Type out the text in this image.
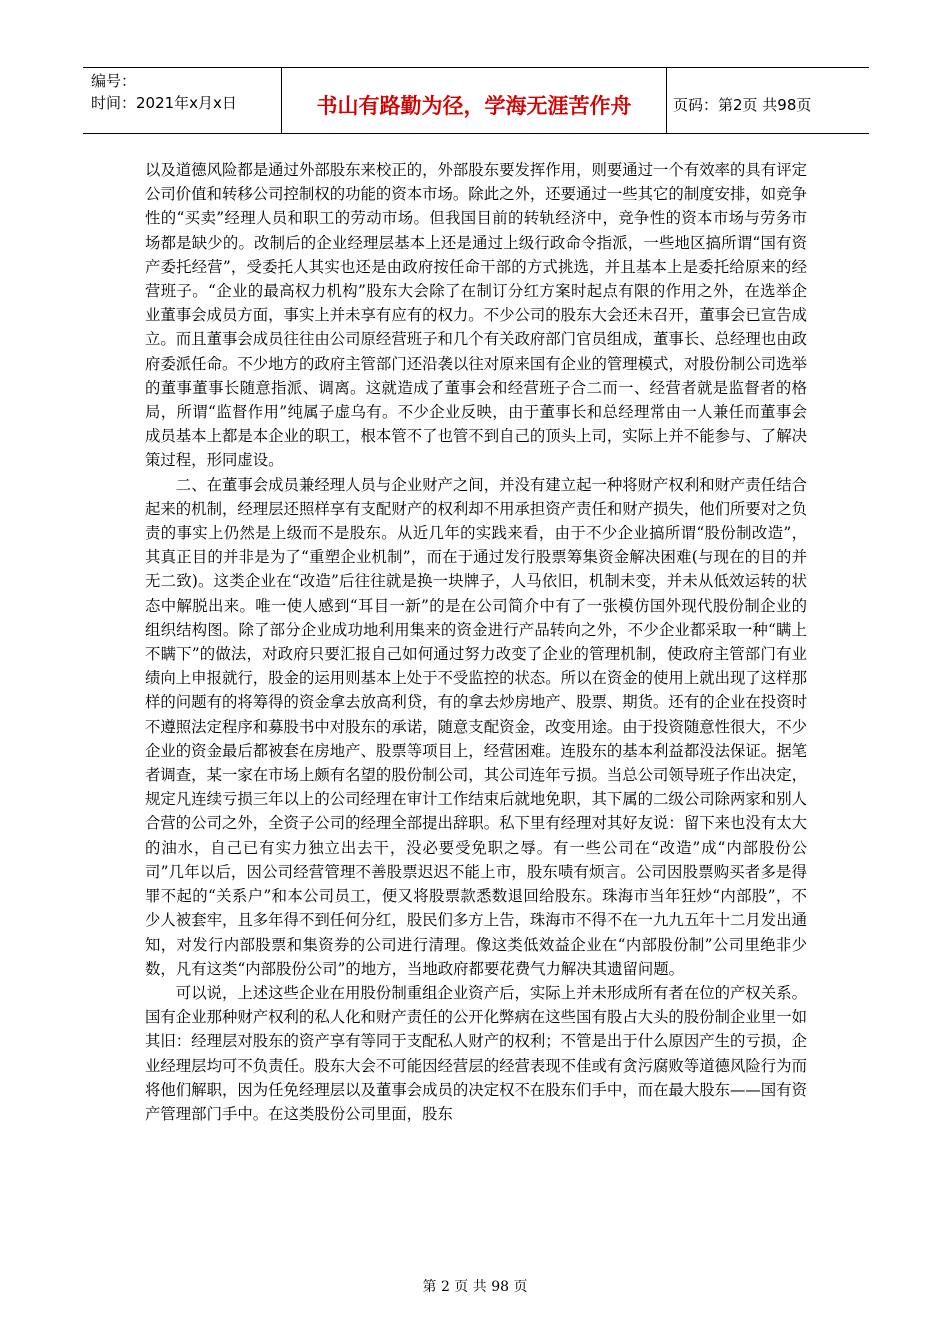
编号：
时间：2021年x月x日	书山有路勤为径，学海无涯苦作舟	页码：第2页 共98页

以及道德风险都是通过外部股东来校正的，外部股东要发挥作用，则要通过一个有效率的具有评定公司价值和转移公司控制权的功能的资本市场。除此之外，还要通过一些其它的制度安排，如竞争性的“买卖”经理人员和职工的劳动市场。但我国目前的转轨经济中，竞争性的资本市场与劳务市场都是缺少的。改制后的企业经理层基本上还是通过上级行政命令指派，一些地区搞所谓“国有资产委托经营”，受委托人其实也还是由政府按任命干部的方式挑选，并且基本上是委托给原来的经营班子。“企业的最高权力机构”股东大会除了在制订分红方案时起点有限的作用之外，在选举企业董事会成员方面，事实上并未享有应有的权力。不少公司的股东大会还未召开，董事会已宣告成立。而且董事会成员往往由公司原经营班子和几个有关政府部门官员组成，董事长、总经理也由政府委派任命。不少地方的政府主管部门还沿袭以往对原来国有企业的管理模式，对股份制公司选举的董事董事长随意指派、调离。这就造成了董事会和经营班子合二而一、经营者就是监督者的格局，所谓“监督作用”纯属子虚乌有。不少企业反映，由于董事长和总经理常由一人兼任而董事会成员基本上都是本企业的职工，根本管不了也管不到自己的顶头上司，实际上并不能参与、了解决策过程，形同虚设。

二、在董事会成员兼经理人员与企业财产之间，并没有建立起一种将财产权利和财产责任结合起来的机制，经理层还照样享有支配财产的权利却不用承担资产责任和财产损失，他们所要对之负责的事实上仍然是上级而不是股东。从近几年的实践来看，由于不少企业搞所谓“股份制改造”，其真正目的并非是为了“重塑企业机制”，而在于通过发行股票筹集资金解决困难(与现在的目的并无二致)。这类企业在“改造”后往往就是换一块牌子，人马依旧，机制未变，并未从低效运转的状态中解脱出来。唯一使人感到“耳目一新”的是在公司简介中有了一张模仿国外现代股份制企业的组织结构图。除了部分企业成功地利用集来的资金进行产品转向之外，不少企业都采取一种“瞒上不瞒下”的做法，对政府只要汇报自己如何通过努力改变了企业的管理机制，使政府主管部门有业绩向上申报就行，股金的运用则基本上处于不受监控的状态。所以在资金的使用上就出现了这样那样的问题有的将筹得的资金拿去放高利贷，有的拿去炒房地产、股票、期货。还有的企业在投资时不遵照法定程序和募股书中对股东的承诺，随意支配资金，改变用途。由于投资随意性很大，不少企业的资金最后都被套在房地产、股票等项目上，经营困难。连股东的基本利益都没法保证。据笔者调查，某一家在市场上颇有名望的股份制公司，其公司连年亏损。当总公司领导班子作出决定，规定凡连续亏损三年以上的公司经理在审计工作结束后就地免职，其下属的二级公司除两家和别人合营的公司之外，全资子公司的经理全部提出辞职。私下里有经理对其好友说：留下来也没有太大的油水，自己已有实力独立出去干，没必要受免职之辱。有一些公司在“改造”成“内部股份公司”几年以后，因公司经营管理不善股票迟迟不能上市，股东啧有烦言。公司因股票购买者多是得罪不起的“关系户”和本公司员工，便又将股票款悉数退回给股东。珠海市当年狂炒“内部股”，不少人被套牢，且多年得不到任何分红，股民们多方上告，珠海市不得不在一九九五年十二月发出通知，对发行内部股票和集资券的公司进行清理。像这类低效益企业在“内部股份制”公司里绝非少数，凡有这类“内部股份公司”的地方，当地政府都要花费气力解决其遗留问题。

可以说，上述这些企业在用股份制重组企业资产后，实际上并未形成所有者在位的产权关系。国有企业那种财产权利的私人化和财产责任的公开化弊病在这些国有股占大头的股份制企业里一如其旧：经理层对股东的资产享有等同于支配私人财产的权利；不管是出于什么原因产生的亏损，企业经理层均可不负责任。股东大会不可能因经营层的经营表现不佳或有贪污腐败等道德风险行为而将他们解职，因为任免经理层以及董事会成员的决定权不在股东们手中，而在最大股东——国有资产管理部门手中。在这类股份公司里面，股东

第 2 页 共 98 页
